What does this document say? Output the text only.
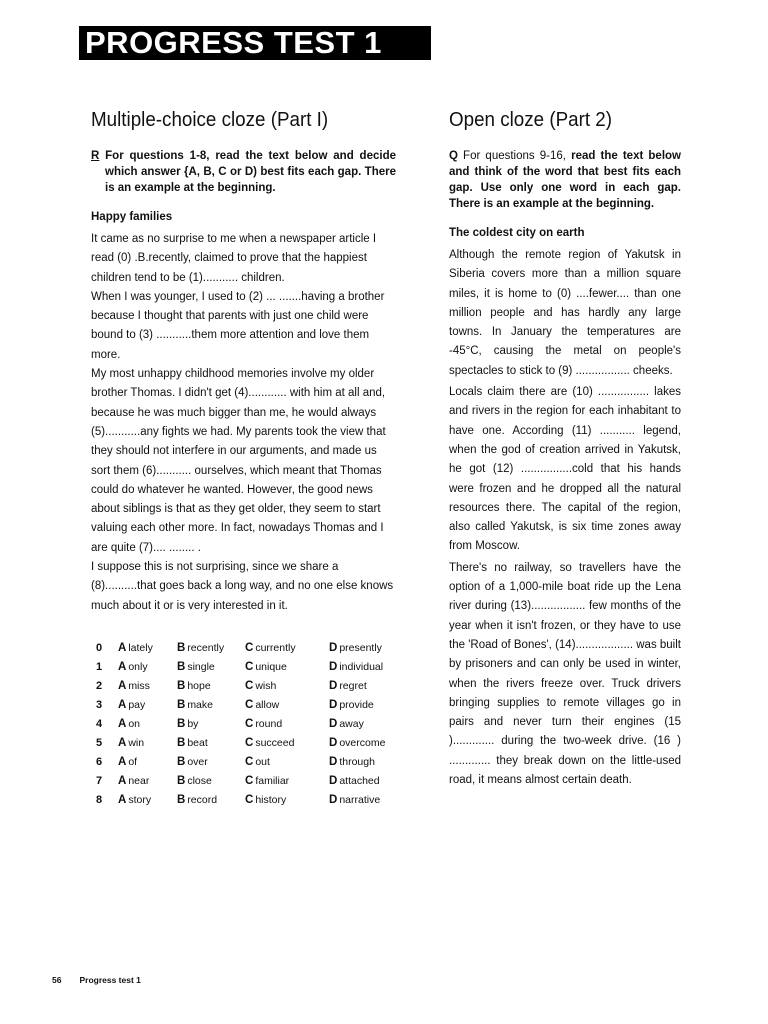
PROGRESS TEST 1
Multiple-choice cloze (Part I)

R For questions 1-8, read the text below and decide which answer {A, B, C or D) best fits each gap. There is an example at the beginning.

Happy families

It came as no surprise to me when a newspaper article I read (0) .B.recently, claimed to prove that the happiest children tend to be (1)........... children.

When I was younger, I used to (2) ... .......having a brother because I thought that parents with just one child were bound to (3) ...........them more attention and love them more.

My most unhappy childhood memories involve my older brother Thomas. I didn't get (4)............ with him at all and, because he was much bigger than me, he would always (5)...........any fights we had. My parents took the view that they should not interfere in our arguments, and made us sort them (6)........... ourselves, which meant that Thomas could do whatever he wanted. However, the good news about siblings is that as they get older, they seem to start valuing each other more. In fact, nowadays Thomas and I are quite (7).... ........ .

I suppose this is not surprising, since we share a (8)..........that goes back a long way, and no one else knows much about it or is very interested in it.

0	A lately	B recently	C currently	D presently
1	A only	B single	C unique	D individual
2	A miss	B hope	C wish	D regret
3	A pay	B make	C allow	D provide
4	A on	B by	C round	D away
5	A win	B beat	C succeed	D overcome
6	A of	B over	C out	D through
7	A near	B close	C familiar	D attached
8	A story	B record	C history	D narrative
Open cloze (Part 2)

Q For questions 9-16, read the text below and think of the word that best fits each gap. Use only one word in each gap. There is an example at the beginning.

The coldest city on earth

Although the remote region of Yakutsk in Siberia covers more than a million square miles, it is home to (0) ....fewer.... than one million people and has hardly any large towns. In January the temperatures are -45°C, causing the metal on people's spectacles to stick to (9) ................. cheeks.

Locals claim there are (10) ................ lakes and rivers in the region for each inhabitant to have one. According (11) ........... legend, when the god of creation arrived in Yakutsk, he got (12) ................cold that his hands were frozen and he dropped all the natural resources there. The capital of the region, also called Yakutsk, is six time zones away from Moscow.

There's no railway, so travellers have the option of a 1,000-mile boat ride up the Lena river during (13)................. few months of the year when it isn't frozen, or they have to use the 'Road of Bones', (14).................. was built by prisoners and can only be used in winter, when the rivers freeze over. Truck drivers bringing supplies to remote villages go in pairs and never turn their engines (15 )............. during the two-week drive. (16 ) ............. they break down on the little-used road, it means almost certain death.

56 Progress test 1
